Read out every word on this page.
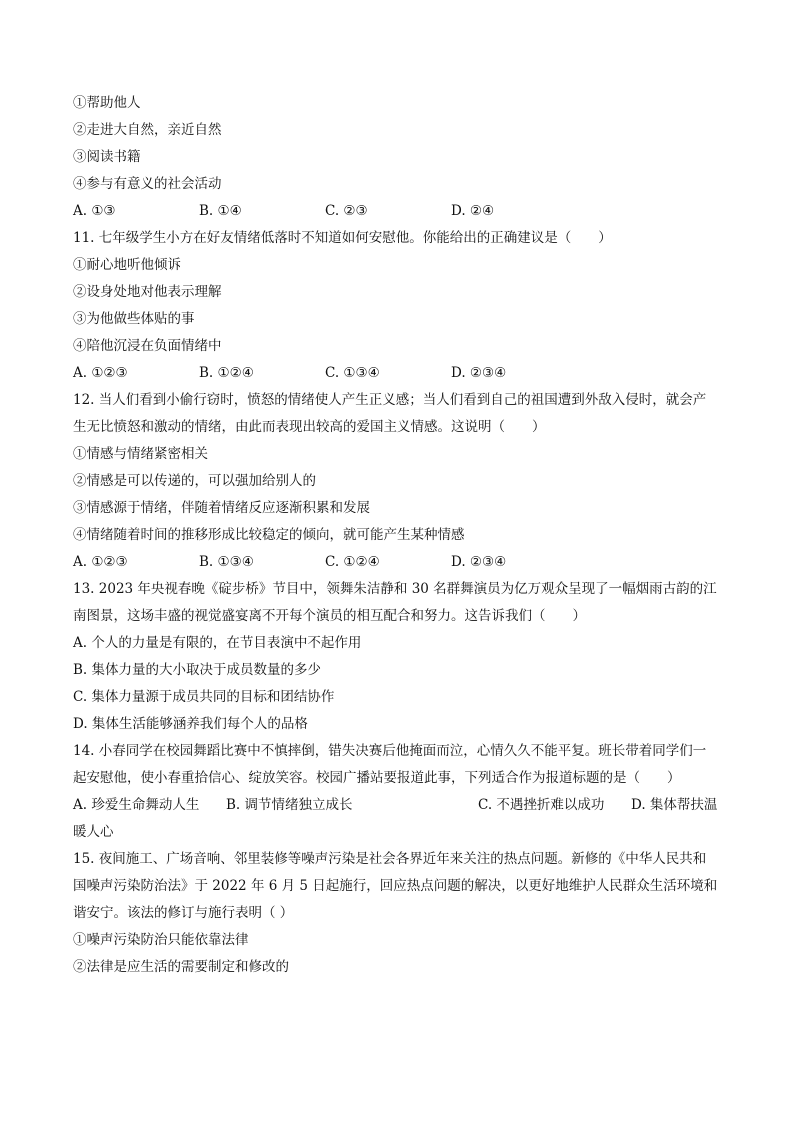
①帮助他人
②走进大自然，亲近自然
③阅读书籍
④参与有意义的社会活动
A. ①③	B. ①④	C. ②③	D. ②④
11. 七年级学生小方在好友情绪低落时不知道如何安慰他。你能给出的正确建议是（　　）
①耐心地听他倾诉
②设身处地对他表示理解
③为他做些体贴的事
④陪他沉浸在负面情绪中
A. ①②③	B. ①②④	C. ①③④	D. ②③④
12. 当人们看到小偷行窃时，愤怒的情绪使人产生正义感；当人们看到自己的祖国遭到外敌入侵时，就会产
生无比愤怒和激动的情绪，由此而表现出较高的爱国主义情感。这说明（　　）
①情感与情绪紧密相关
②情感是可以传递的，可以强加给别人的
③情感源于情绪，伴随着情绪反应逐渐积累和发展
④情绪随着时间的推移形成比较稳定的倾向，就可能产生某种情感
A. ①②③	B. ①③④	C. ①②④	D. ②③④
13. 2023 年央视春晚《碇步桥》节目中，领舞朱洁静和 30 名群舞演员为亿万观众呈现了一幅烟雨古韵的江
南图景，这场丰盛的视觉盛宴离不开每个演员的相互配合和努力。这告诉我们（　　）
A. 个人的力量是有限的，在节目表演中不起作用
B. 集体力量的大小取决于成员数量的多少
C. 集体力量源于成员共同的目标和团结协作
D. 集体生活能够涵养我们每个人的品格
14. 小春同学在校园舞蹈比赛中不慎摔倒，错失决赛后他掩面而泣，心情久久不能平复。班长带着同学们一
起安慰他，使小春重拾信心、绽放笑容。校园广播站要报道此事，下列适合作为报道标题的是（　　）
A. 珍爱生命舞动人生	B. 调节情绪独立成长	C. 不遇挫折难以成功	D. 集体帮扶温
暖人心
15. 夜间施工、广场音响、邻里装修等噪声污染是社会各界近年来关注的热点问题。新修的《中华人民共和
国噪声污染防治法》于 2022 年 6 月 5 日起施行，回应热点问题的解决，以更好地维护人民群众生活环境和
谐安宁。该法的修订与施行表明（ ）
①噪声污染防治只能依靠法律
②法律是应生活的需要制定和修改的
